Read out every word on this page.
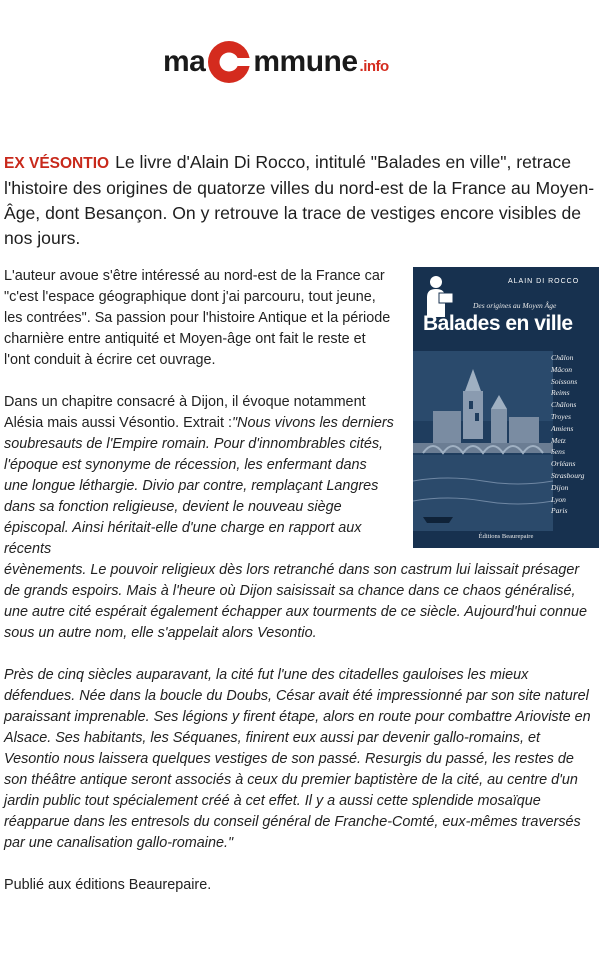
ma mmune .info

EX VÉSONTIO Le livre d'Alain Di Rocco, intitulé "Balades en ville", retrace l'histoire des origines de quatorze villes du nord-est de la France au Moyen-Âge, dont Besançon. On y retrouve la trace de vestiges encore visibles de nos jours.

ALAIN DI ROCCO
Des origines au Moyen Âge
Balades en ville
Châlon
Mâcon
Soissons
Reims
Châlons
Troyes
Amiens
Metz
Sens
Orléans
Strasbourg
Dijon
Lyon
Paris
Éditions Beaurepaire

L'auteur avoue s'être intéressé au nord-est de la France car "c'est l'espace géographique dont j'ai parcouru, tout jeune, les contrées". Sa passion pour l'histoire Antique et la période charnière entre antiquité et Moyen-âge ont fait le reste et l'ont conduit à écrire cet ouvrage.

Dans un chapitre consacré à Dijon, il évoque notamment Alésia mais aussi Vésontio. Extrait :"Nous vivons les derniers soubresauts de l'Empire romain. Pour d'innombrables cités, l'époque est synonyme de récession, les enfermant dans une longue léthargie. Divio par contre, remplaçant Langres dans sa fonction religieuse, devient le nouveau siège épiscopal. Ainsi héritait-elle d'une charge en rapport aux récents

évènements. Le pouvoir religieux dès lors retranché dans son castrum lui laissait présager de grands espoirs. Mais à l'heure où Dijon saisissait sa chance dans ce chaos généralisé, une autre cité espérait également échapper aux tourments de ce siècle. Aujourd'hui connue sous un autre nom, elle s'appelait alors Vesontio.

Près de cinq siècles auparavant, la cité fut l'une des citadelles gauloises les mieux défendues. Née dans la boucle du Doubs, César avait été impressionné par son site naturel paraissant imprenable. Ses légions y firent étape, alors en route pour combattre Arioviste en Alsace. Ses habitants, les Séquanes, finirent eux aussi par devenir gallo-romains, et Vesontio nous laissera quelques vestiges de son passé. Resurgis du passé, les restes de son théâtre antique seront associés à ceux du premier baptistère de la cité, au centre d'un jardin public tout spécialement créé à cet effet. Il y a aussi cette splendide mosaïque réapparue dans les entresols du conseil général de Franche-Comté, eux-mêmes traversés par une canalisation gallo-romaine."

Publié aux éditions Beaurepaire.
